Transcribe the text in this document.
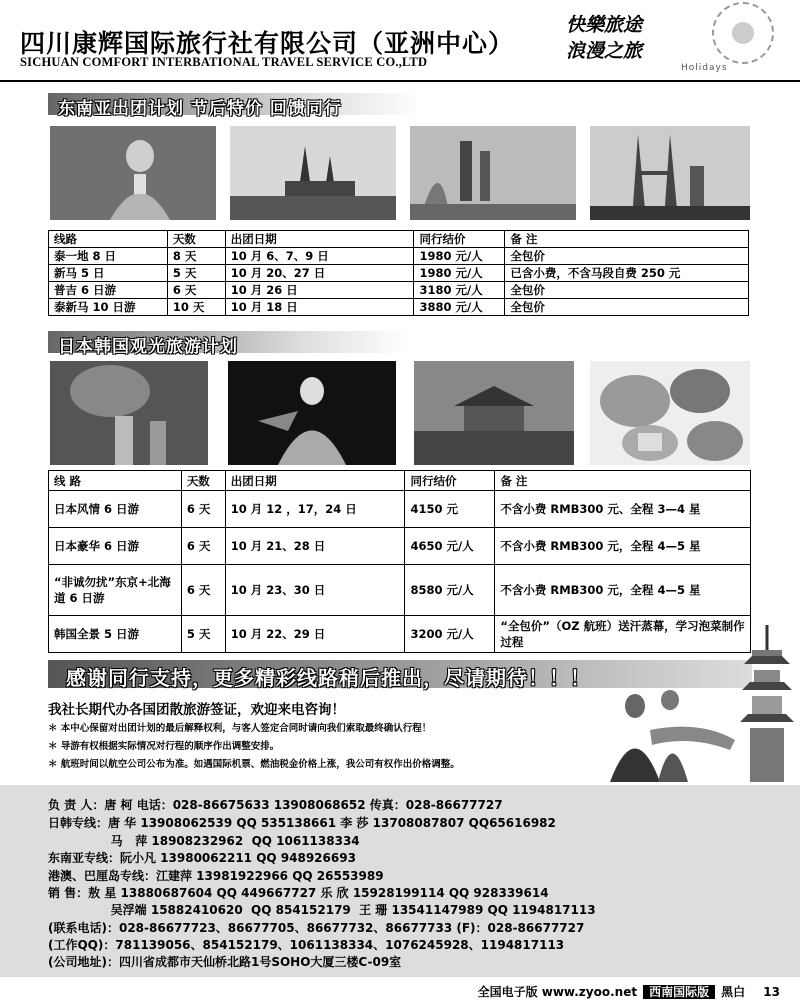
四川康辉国际旅行社有限公司（亚洲中心）
SICHUAN COMFORT INTERBATIONAL TRAVEL SERVICE CO.,LTD
快樂旅途
浪漫之旅
Holidays
东南亚出团计划 节后特价 回馈同行
线路	天数	出团日期	同行结价	备 注
泰一地 8 日	8 天	10 月 6、7、9 日	1980 元/人	全包价
新马 5 日	5 天	10 月 20、27 日	1980 元/人	已含小费，不含马段自费 250 元
普吉 6 日游	6 天	10 月 26 日	3180 元/人	全包价
泰新马 10 日游	10 天	10 月 18 日	3880 元/人	全包价
日本韩国观光旅游计划
线 路	天数	出团日期	同行结价	备 注
日本风情 6 日游	6 天	10 月 12 ，17，24 日	4150 元	不含小费 RMB300 元、全程 3—4 星
日本豪华 6 日游	6 天	10 月 21、28 日	4650 元/人	不含小费 RMB300 元，全程 4—5 星
“非诚勿扰”东京+北海道 6 日游	6 天	10 月 23、30 日	8580 元/人	不含小费 RMB300 元，全程 4—5 星
韩国全景 5 日游	5 天	10 月 22、29 日	3200 元/人	“全包价”（OZ 航班）送汗蒸幕，学习泡菜制作过程
感谢同行支持，更多精彩线路稍后推出，尽请期待！！！
我社长期代办各国团散旅游签证，欢迎来电咨询！
＊ 本中心保留对出团计划的最后解释权利，与客人签定合同时请向我们索取最终确认行程！
＊ 导游有权根据实际情况对行程的顺序作出调整安排。
＊ 航班时间以航空公司公布为准。如遇国际机票、燃油税金价格上涨，我公司有权作出价格调整。
负 责 人：唐 柯 电话：028-86675633 13908068652 传真：028-86677727
日韩专线：唐 华 13908062539 QQ 535138661 李 莎 13708087807 QQ65616982
马   萍 18908232962  QQ 1061138334
东南亚专线：阮小凡 13980062211 QQ 948926693
港澳、巴厘岛专线：江建萍 13981922966 QQ 26553989
销 售：敖 星 13880687604 QQ 449667727 乐 欣 15928199114 QQ 928339614
吴浮端 15882410620  QQ 854152179  王 珊 13541147989 QQ 1194817113
(联系电话)：028-86677723、86677705、86677732、86677733 (F)：028-86677727
(工作QQ)：781139056、854152179、1061138334、1076245928、1194817113
(公司地址)：四川省成都市天仙桥北路1号SOHO大厦三楼C-09室
全国电子版 www.zyoo.net 西南国际版 黑白 13
